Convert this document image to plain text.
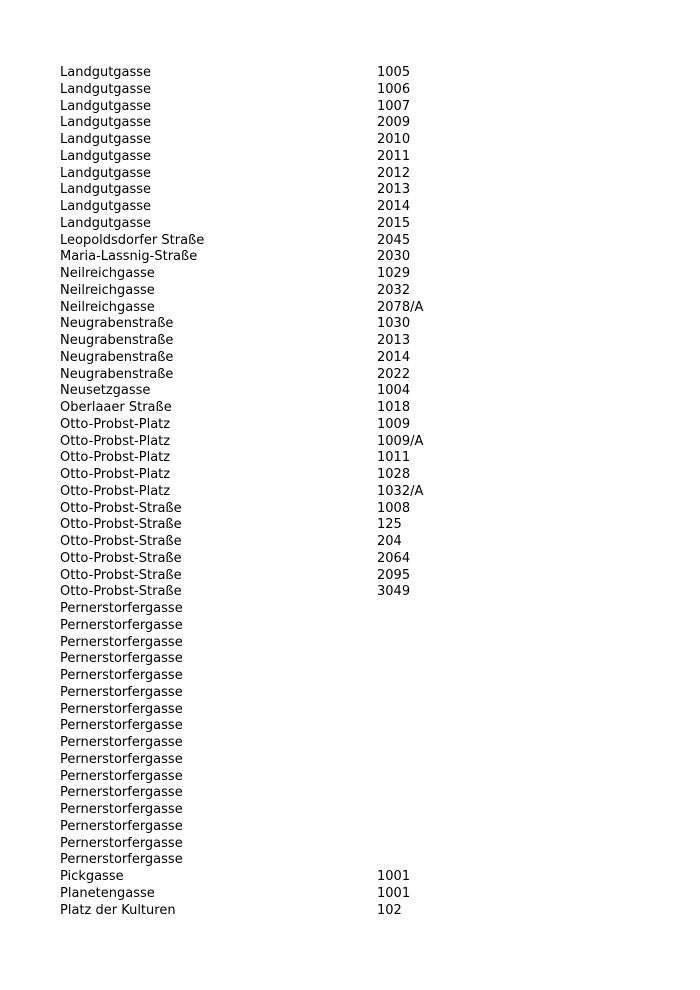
Landgutgasse	1005
Landgutgasse	1006
Landgutgasse	1007
Landgutgasse	2009
Landgutgasse	2010
Landgutgasse	2011
Landgutgasse	2012
Landgutgasse	2013
Landgutgasse	2014
Landgutgasse	2015
Leopoldsdorfer Straße	2045
Maria-Lassnig-Straße	2030
Neilreichgasse	1029
Neilreichgasse	2032
Neilreichgasse	2078/A
Neugrabenstraße	1030
Neugrabenstraße	2013
Neugrabenstraße	2014
Neugrabenstraße	2022
Neusetzgasse	1004
Oberlaaer Straße	1018
Otto-Probst-Platz	1009
Otto-Probst-Platz	1009/A
Otto-Probst-Platz	1011
Otto-Probst-Platz	1028
Otto-Probst-Platz	1032/A
Otto-Probst-Straße	1008
Otto-Probst-Straße	125
Otto-Probst-Straße	204
Otto-Probst-Straße	2064
Otto-Probst-Straße	2095
Otto-Probst-Straße	3049
Pernerstorfergasse
Pernerstorfergasse
Pernerstorfergasse
Pernerstorfergasse
Pernerstorfergasse
Pernerstorfergasse
Pernerstorfergasse
Pernerstorfergasse
Pernerstorfergasse
Pernerstorfergasse
Pernerstorfergasse
Pernerstorfergasse
Pernerstorfergasse
Pernerstorfergasse
Pernerstorfergasse
Pernerstorfergasse
Pickgasse	1001
Planetengasse	1001
Platz der Kulturen	102
